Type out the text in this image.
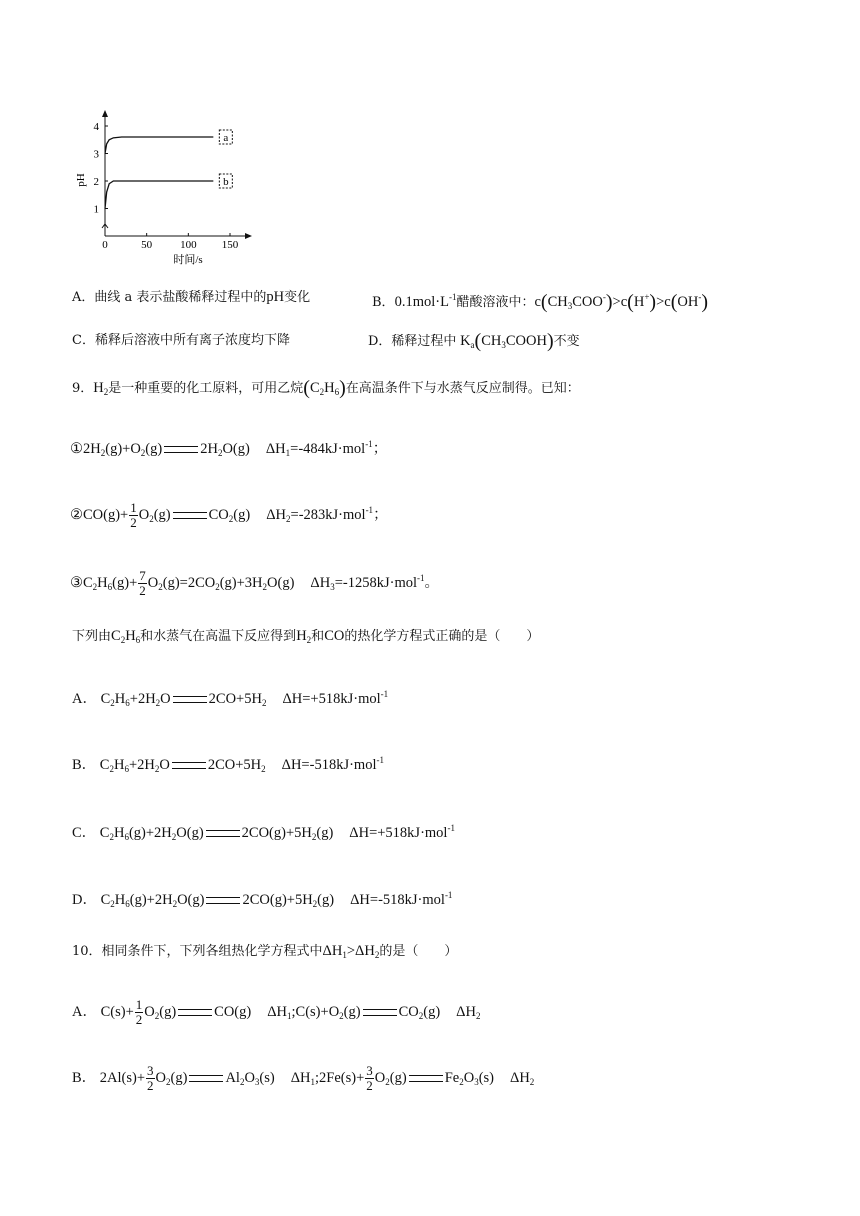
0	50	100 150
1
2
3
4
pH
时间/s
a
b
A．曲线 a 表示盐酸稀释过程中的pH变化	B．$0.1mol\cdot L^{-1}$醋酸溶液中：$c(CH_3COO^-)>c(H^+)>c(OH^-)$
C．稀释后溶液中所有离子浓度均下降	D．稀释过程中 $K_a(CH_3COOH)$不变
9．$H_2$是一种重要的化工原料，可用乙烷$(C_2H_6)$在高温条件下与水蒸气反应制得。已知：
$①2H_2(g)+O_2(g)$	$2H_2O(g)$ $\Delta H_1=-484kJ\cdot mol^{-1}$；
②CO(g)+ $\frac{1}{2} O_2(g)$	$CO_2(g)$ $\Delta H_2=-283kJ\cdot mol^{-1}$；
$③C_2H_6(g)+ \frac{7}{2} O_2(g)=2CO_2(g)+3H_2O(g)$ $\Delta H_3=-1258kJ\cdot mol^{-1}$。
下列由$C_2H_6$和水蒸气在高温下反应得到$H_2$和CO的热化学方程式正确的是（　　）
A． $C_2H_6+2H_2O$	$2CO+5H_2$ ΔH=+518kJ·mol$^{-1}$
B． $C_2H_6+2H_2O$	$2CO+5H_2$ ΔH=-518kJ·mol$^{-1}$
C． $C_2H_6(g)+2H_2O(g)$	$2CO(g)+5H_2(g)$ ΔH=+518kJ·mol$^{-1}$
D． $C_2H_6(g)+2H_2O(g)$	$2CO(g)+5H_2(g)$ ΔH=-518kJ·mol$^{-1}$
10．相同条件下，下列各组热化学方程式中$\Delta H_1>\Delta H_2$的是（　　）
A． $C(s)+ \frac{1}{2} O_2(g)$	CO(g) $\Delta H_1;C(s)+O_2(g)$	$CO_2(g)$ $\Delta H_2$
B． $2Al(s)+ \frac{3}{2} O_2(g)$	$Al_2O_3(s)$ $\Delta H_1;2Fe(s)+ \frac{3}{2} O_2(g)$	$Fe_2O_3(s)$ $\Delta H_2$
